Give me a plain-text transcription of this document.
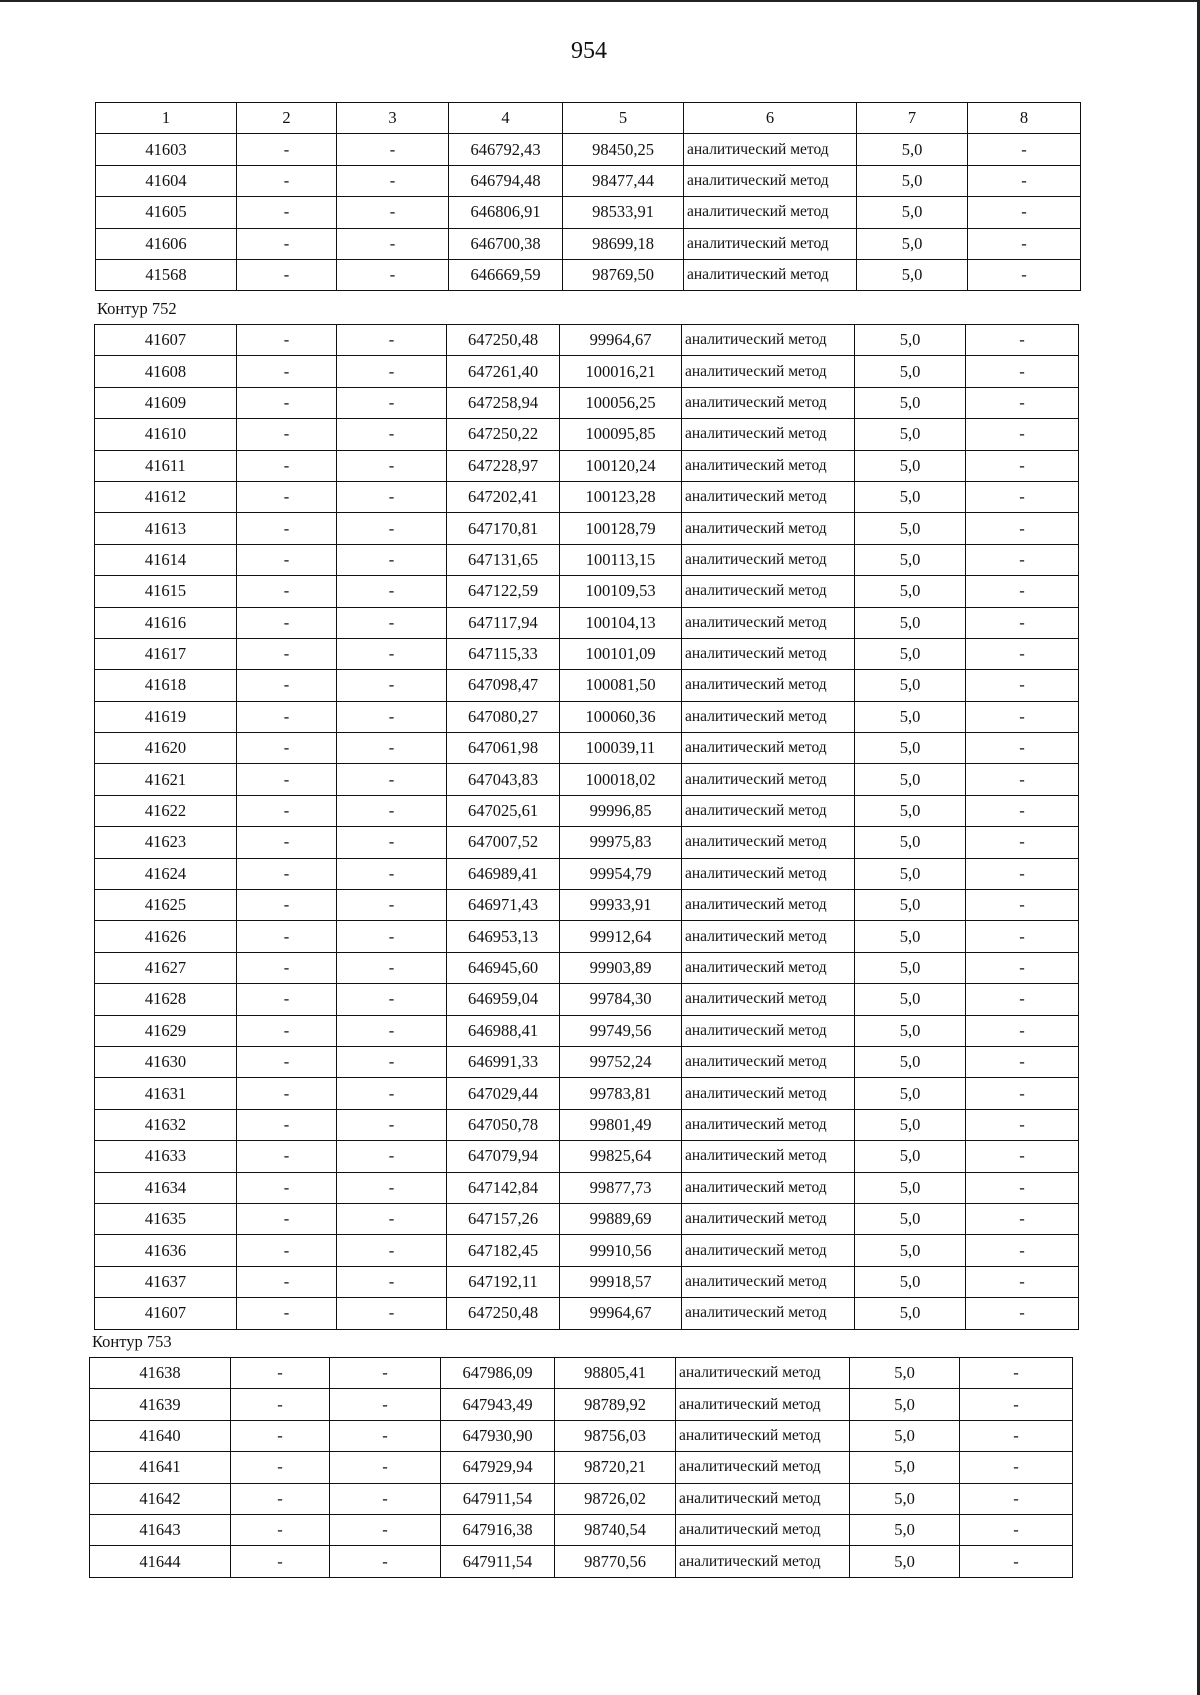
954
1	2	3	4	5	6	7	8
41603	-	-	646792,43	98450,25	аналитический метод	5,0	-
41604	-	-	646794,48	98477,44	аналитический метод	5,0	-
41605	-	-	646806,91	98533,91	аналитический метод	5,0	-
41606	-	-	646700,38	98699,18	аналитический метод	5,0	-
41568	-	-	646669,59	98769,50	аналитический метод	5,0	-
Контур 752
41607	-	-	647250,48	99964,67	аналитический метод	5,0	-
41608	-	-	647261,40	100016,21	аналитический метод	5,0	-
41609	-	-	647258,94	100056,25	аналитический метод	5,0	-
41610	-	-	647250,22	100095,85	аналитический метод	5,0	-
41611	-	-	647228,97	100120,24	аналитический метод	5,0	-
41612	-	-	647202,41	100123,28	аналитический метод	5,0	-
41613	-	-	647170,81	100128,79	аналитический метод	5,0	-
41614	-	-	647131,65	100113,15	аналитический метод	5,0	-
41615	-	-	647122,59	100109,53	аналитический метод	5,0	-
41616	-	-	647117,94	100104,13	аналитический метод	5,0	-
41617	-	-	647115,33	100101,09	аналитический метод	5,0	-
41618	-	-	647098,47	100081,50	аналитический метод	5,0	-
41619	-	-	647080,27	100060,36	аналитический метод	5,0	-
41620	-	-	647061,98	100039,11	аналитический метод	5,0	-
41621	-	-	647043,83	100018,02	аналитический метод	5,0	-
41622	-	-	647025,61	99996,85	аналитический метод	5,0	-
41623	-	-	647007,52	99975,83	аналитический метод	5,0	-
41624	-	-	646989,41	99954,79	аналитический метод	5,0	-
41625	-	-	646971,43	99933,91	аналитический метод	5,0	-
41626	-	-	646953,13	99912,64	аналитический метод	5,0	-
41627	-	-	646945,60	99903,89	аналитический метод	5,0	-
41628	-	-	646959,04	99784,30	аналитический метод	5,0	-
41629	-	-	646988,41	99749,56	аналитический метод	5,0	-
41630	-	-	646991,33	99752,24	аналитический метод	5,0	-
41631	-	-	647029,44	99783,81	аналитический метод	5,0	-
41632	-	-	647050,78	99801,49	аналитический метод	5,0	-
41633	-	-	647079,94	99825,64	аналитический метод	5,0	-
41634	-	-	647142,84	99877,73	аналитический метод	5,0	-
41635	-	-	647157,26	99889,69	аналитический метод	5,0	-
41636	-	-	647182,45	99910,56	аналитический метод	5,0	-
41637	-	-	647192,11	99918,57	аналитический метод	5,0	-
41607	-	-	647250,48	99964,67	аналитический метод	5,0	-
Контур 753
41638	-	-	647986,09	98805,41	аналитический метод	5,0	-
41639	-	-	647943,49	98789,92	аналитический метод	5,0	-
41640	-	-	647930,90	98756,03	аналитический метод	5,0	-
41641	-	-	647929,94	98720,21	аналитический метод	5,0	-
41642	-	-	647911,54	98726,02	аналитический метод	5,0	-
41643	-	-	647916,38	98740,54	аналитический метод	5,0	-
41644	-	-	647911,54	98770,56	аналитический метод	5,0	-
